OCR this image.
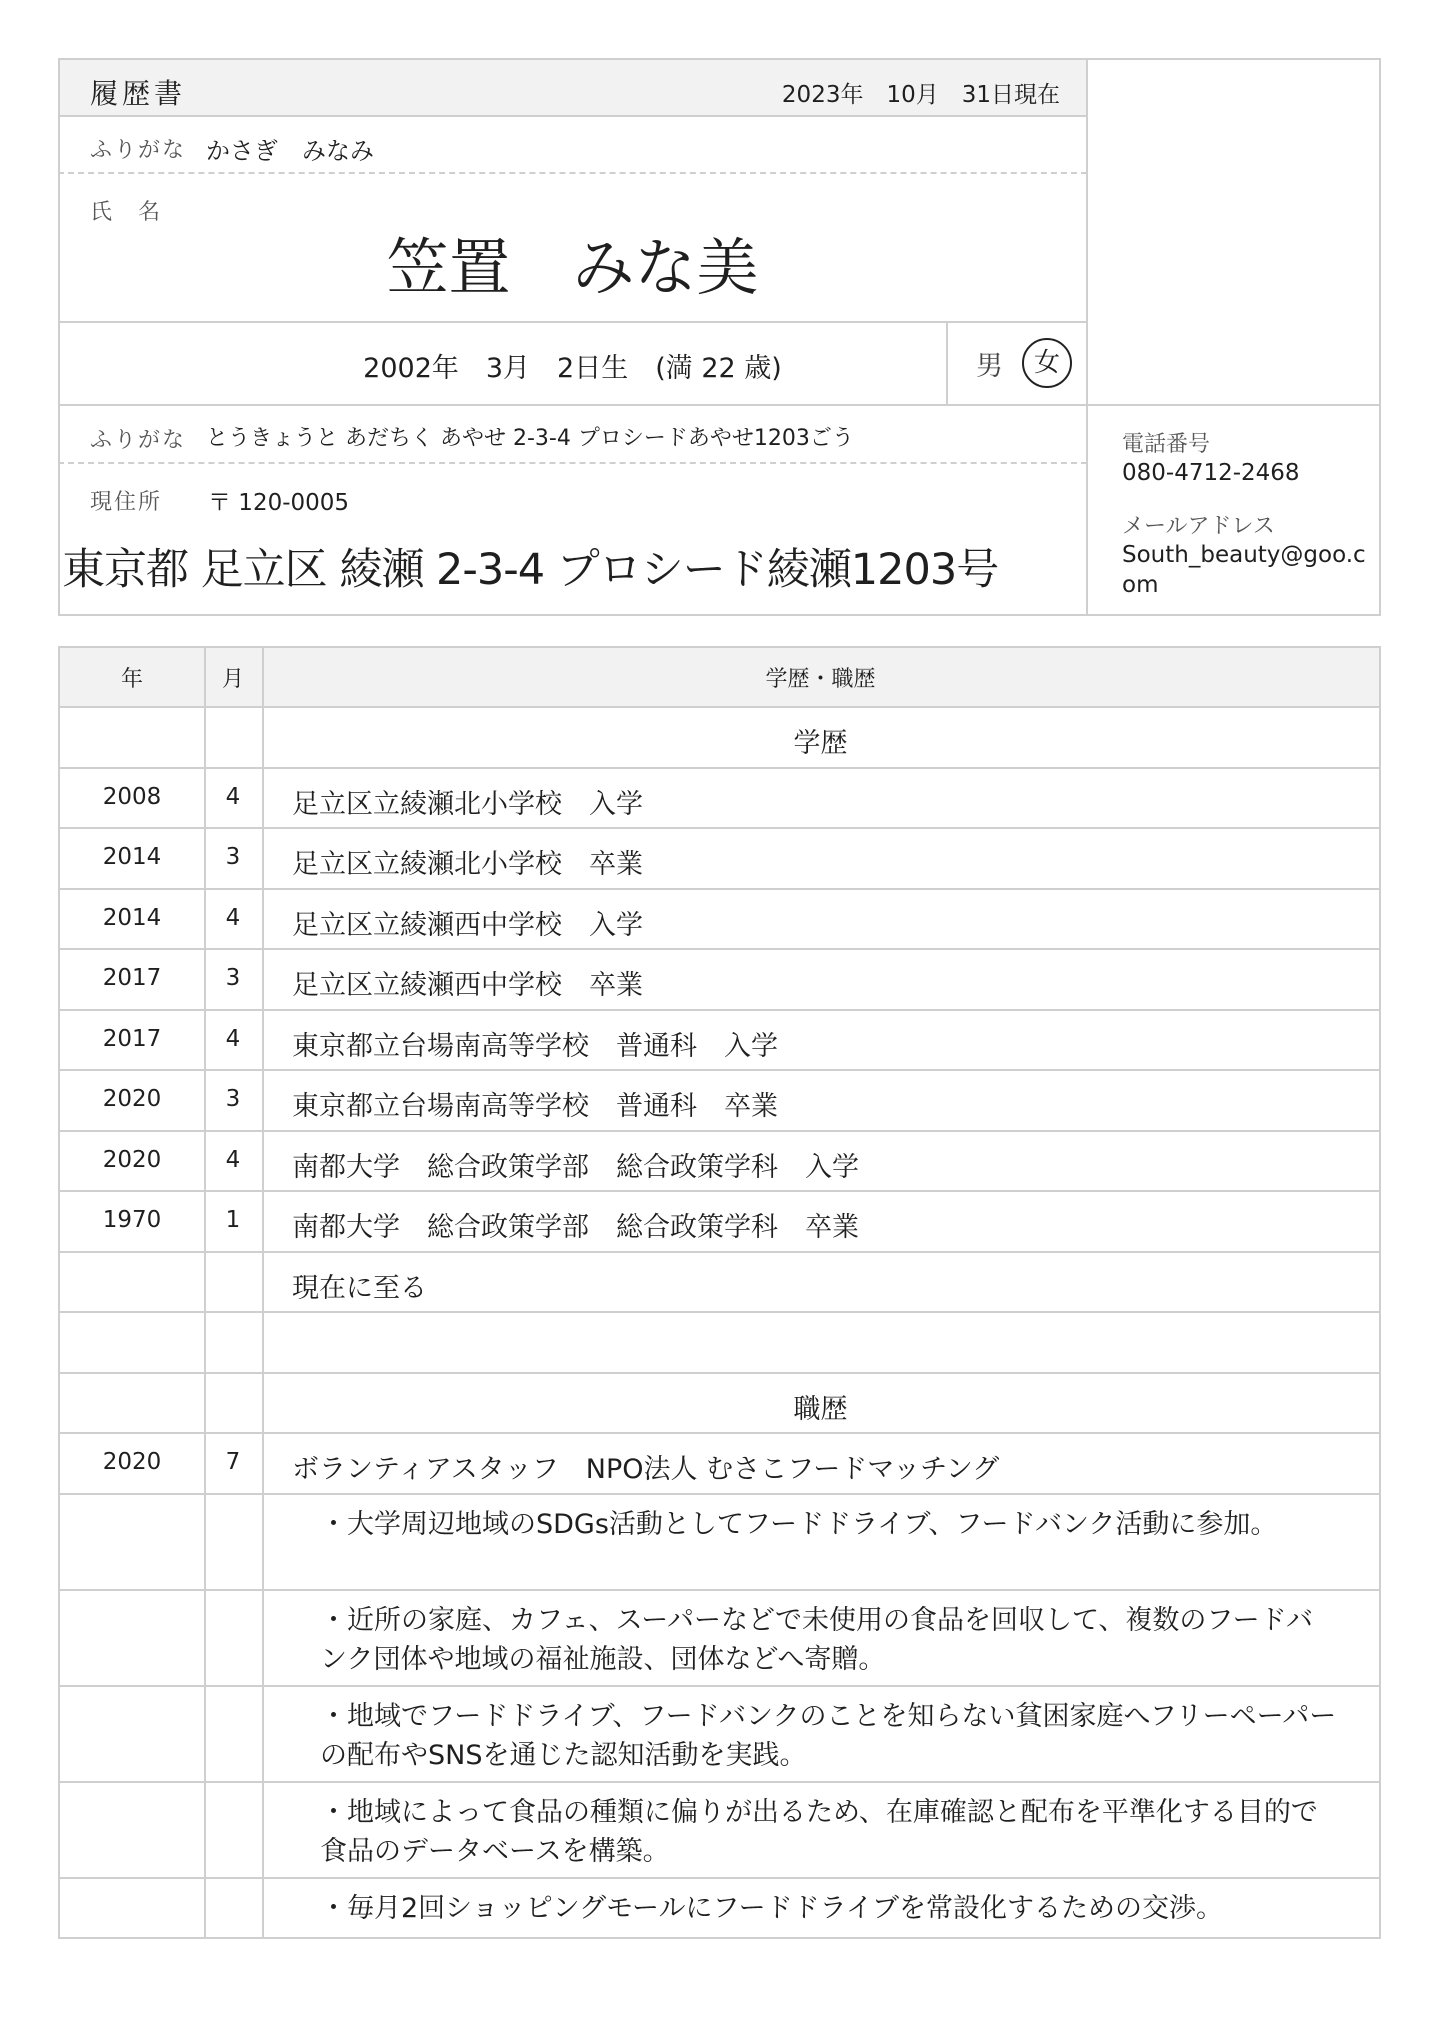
履歴書	2023年　10月　31日現在
ふりがな かさぎ　みなみ
氏　名
笠置　みな美
2002年　3月　2日生　(満 22 歳)	男	女
ふりがな とうきょうと あだちく あやせ 2-3-4 プロシードあやせ1203ごう
現住所 〒 120-0005
東京都 足立区 綾瀬 2-3-4 プロシード綾瀬1203号
電話番号
080-4712-2468
メールアドレス
South_beauty@goo.c
om
年	月	学歴・職歴
学歴
2008	4	足立区立綾瀬北小学校　入学
2014	3	足立区立綾瀬北小学校　卒業
2014	4	足立区立綾瀬西中学校　入学
2017	3	足立区立綾瀬西中学校　卒業
2017	4	東京都立台場南高等学校　普通科　入学
2020	3	東京都立台場南高等学校　普通科　卒業
2020	4	南都大学　総合政策学部　総合政策学科　入学
1970	1	南都大学　総合政策学部　総合政策学科　卒業
現在に至る
職歴
2020	7	ボランティアスタッフ　NPO法人 むさこフードマッチング
・大学周辺地域のSDGs活動としてフードドライブ、フードバンク活動に参加。
・近所の家庭、カフェ、スーパーなどで未使用の食品を回収して、複数のフードバンク団体や地域の福祉施設、団体などへ寄贈。
・地域でフードドライブ、フードバンクのことを知らない貧困家庭へフリーペーパーの配布やSNSを通じた認知活動を実践。
・地域によって食品の種類に偏りが出るため、在庫確認と配布を平準化する目的で食品のデータベースを構築。
・毎月2回ショッピングモールにフードドライブを常設化するための交渉。
